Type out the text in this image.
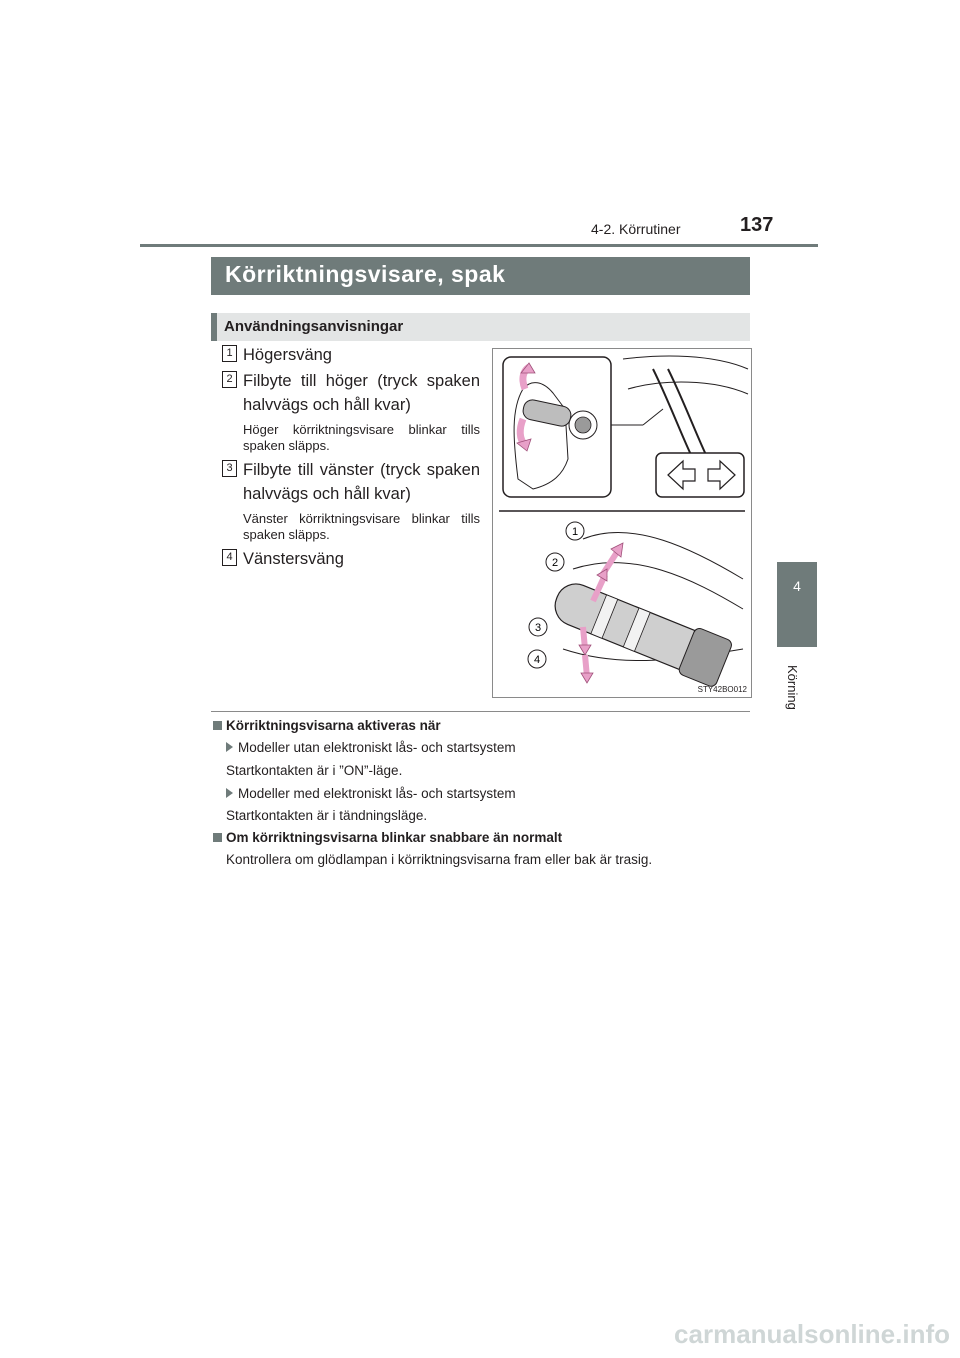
4-2. Körrutiner	137
4
Körning
Körriktningsvisare, spak
Användningsanvisningar
1 Högersväng
2 Filbyte till höger (tryck spaken halvvägs och håll kvar)
Höger körriktningsvisare blinkar tills spaken släpps.
3 Filbyte till vänster (tryck spaken halvvägs och håll kvar)
Vänster körriktningsvisare blinkar tills spaken släpps.
4 Vänstersväng
1
2
3
4
STY42BO012
Körriktningsvisarna aktiveras när
Modeller utan elektroniskt lås- och startsystem
Startkontakten är i ”ON”-läge.
Modeller med elektroniskt lås- och startsystem
Startkontakten är i tändningsläge.
Om körriktningsvisarna blinkar snabbare än normalt
Kontrollera om glödlampan i körriktningsvisarna fram eller bak är trasig.
carmanualsonline.info
